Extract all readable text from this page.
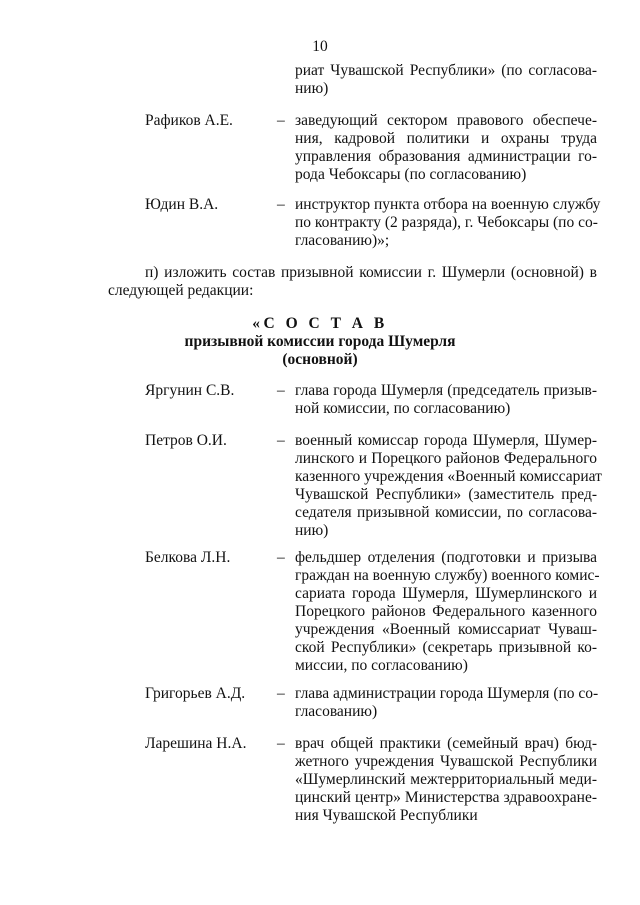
10
риат Чувашской Республики» (по согласова-
нию)
Рафиков А.Е.	– заведующий сектором правового обеспече-
ния, кадровой политики и охраны труда
управления образования администрации го-
рода Чебоксары (по согласованию)
Юдин В.А.	– инструктор пункта отбора на военную службу
по контракту (2 разряда), г. Чебоксары (по со-
гласованию)»;
п) изложить состав призывной комиссии г. Шумерли (основной) в
следующей редакции:
«С О С Т А В
призывной комиссии города Шумерля
(основной)
Яргунин С.В.	– глава города Шумерля (председатель призыв-
ной комиссии, по согласованию)
Петров О.И.	– военный комиссар города Шумерля, Шумер-
линского и Порецкого районов Федерального
казенного учреждения «Военный комиссариат
Чувашской Республики» (заместитель пред-
седателя призывной комиссии, по согласова-
нию)
Белкова Л.Н.	– фельдшер отделения (подготовки и призыва
граждан на военную службу) военного комис-
сариата города Шумерля, Шумерлинского и
Порецкого районов Федерального казенного
учреждения «Военный комиссариат Чуваш-
ской Республики» (секретарь призывной ко-
миссии, по согласованию)
Григорьев А.Д. – глава администрации города Шумерля (по со-
гласованию)
Ларешина Н.А. – врач общей практики (семейный врач) бюд-
жетного учреждения Чувашской Республики
«Шумерлинский межтерриториальный меди-
цинский центр» Министерства здравоохране-
ния Чувашской Республики
